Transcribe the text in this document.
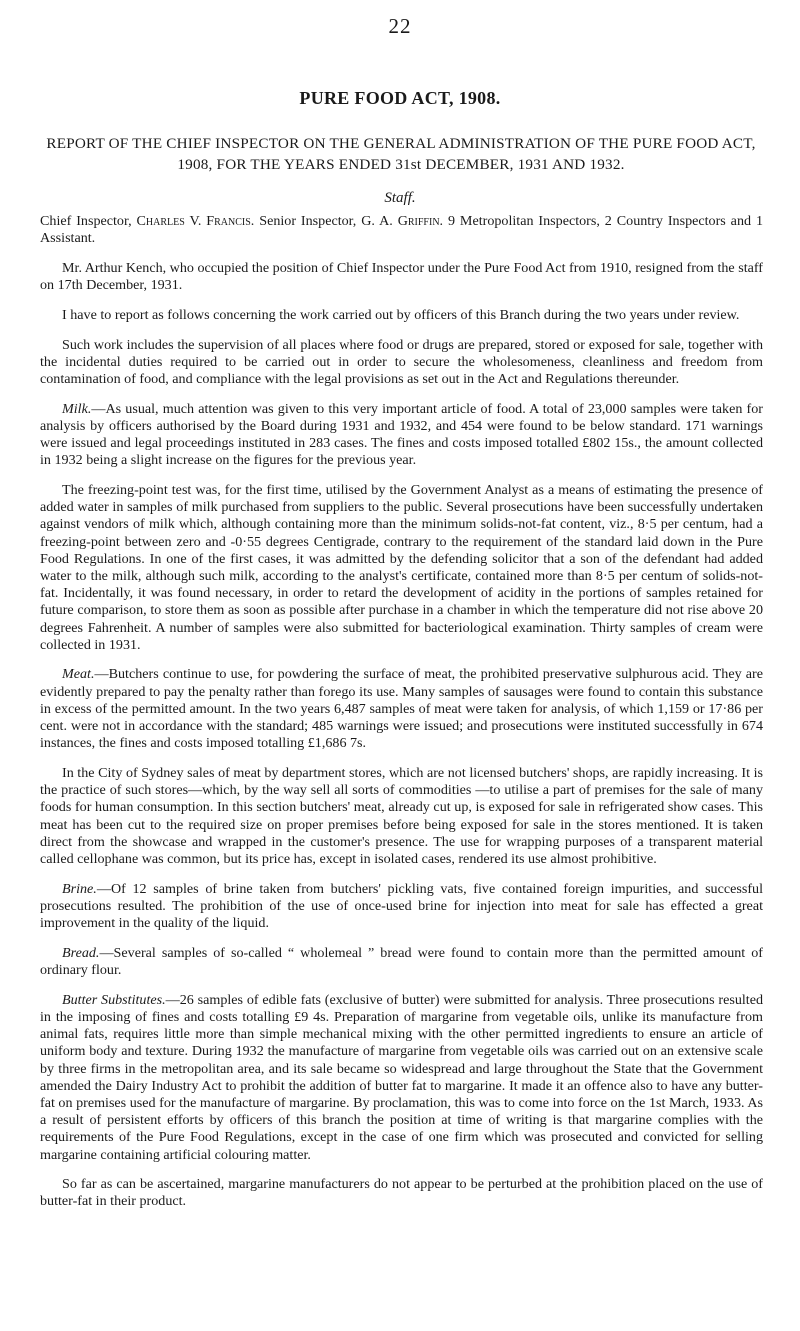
22
PURE FOOD ACT, 1908.
REPORT OF THE CHIEF INSPECTOR ON THE GENERAL ADMINISTRATION OF THE PURE FOOD ACT, 1908, FOR THE YEARS ENDED 31st DECEMBER, 1931 AND 1932.
Staff.

Chief Inspector, Charles V. Francis. Senior Inspector, G. A. Griffin. 9 Metropolitan Inspectors, 2 Country Inspectors and 1 Assistant.

Mr. Arthur Kench, who occupied the position of Chief Inspector under the Pure Food Act from 1910, resigned from the staff on 17th December, 1931.

I have to report as follows concerning the work carried out by officers of this Branch during the two years under review.

Such work includes the supervision of all places where food or drugs are prepared, stored or exposed for sale, together with the incidental duties required to be carried out in order to secure the wholesomeness, cleanliness and freedom from contamination of food, and compliance with the legal provisions as set out in the Act and Regulations thereunder.

Milk.—As usual, much attention was given to this very important article of food. A total of 23,000 samples were taken for analysis by officers authorised by the Board during 1931 and 1932, and 454 were found to be below standard. 171 warnings were issued and legal proceedings instituted in 283 cases. The fines and costs imposed totalled £802 15s., the amount collected in 1932 being a slight increase on the figures for the previous year.

The freezing-point test was, for the first time, utilised by the Government Analyst as a means of estimating the presence of added water in samples of milk purchased from suppliers to the public. Several prosecutions have been successfully undertaken against vendors of milk which, although containing more than the minimum solids-not-fat content, viz., 8·5 per centum, had a freezing-point between zero and -0·55 degrees Centigrade, contrary to the requirement of the standard laid down in the Pure Food Regulations. In one of the first cases, it was admitted by the defending solicitor that a son of the defendant had added water to the milk, although such milk, according to the analyst's certificate, contained more than 8·5 per centum of solids-not-fat. Incidentally, it was found necessary, in order to retard the development of acidity in the portions of samples retained for future comparison, to store them as soon as possible after purchase in a chamber in which the temperature did not rise above 20 degrees Fahrenheit. A number of samples were also submitted for bacteriological examination. Thirty samples of cream were collected in 1931.

Meat.—Butchers continue to use, for powdering the surface of meat, the prohibited preservative sulphurous acid. They are evidently prepared to pay the penalty rather than forego its use. Many samples of sausages were found to contain this substance in excess of the permitted amount. In the two years 6,487 samples of meat were taken for analysis, of which 1,159 or 17·86 per cent. were not in accordance with the standard; 485 warnings were issued; and prosecutions were instituted successfully in 674 instances, the fines and costs imposed totalling £1,686 7s.

In the City of Sydney sales of meat by department stores, which are not licensed butchers' shops, are rapidly increasing. It is the practice of such stores—which, by the way sell all sorts of commodities —to utilise a part of premises for the sale of many foods for human consumption. In this section butchers' meat, already cut up, is exposed for sale in refrigerated show cases. This meat has been cut to the required size on proper premises before being exposed for sale in the stores mentioned. It is taken direct from the showcase and wrapped in the customer's presence. The use for wrapping purposes of a transparent material called cellophane was common, but its price has, except in isolated cases, rendered its use almost prohibitive.

Brine.—Of 12 samples of brine taken from butchers' pickling vats, five contained foreign impurities, and successful prosecutions resulted. The prohibition of the use of once-used brine for injection into meat for sale has effected a great improvement in the quality of the liquid.

Bread.—Several samples of so-called “ wholemeal ” bread were found to contain more than the permitted amount of ordinary flour.

Butter Substitutes.—26 samples of edible fats (exclusive of butter) were submitted for analysis. Three prosecutions resulted in the imposing of fines and costs totalling £9 4s. Preparation of margarine from vegetable oils, unlike its manufacture from animal fats, requires little more than simple mechanical mixing with the other permitted ingredients to ensure an article of uniform body and texture. During 1932 the manufacture of margarine from vegetable oils was carried out on an extensive scale by three firms in the metropolitan area, and its sale became so widespread and large throughout the State that the Government amended the Dairy Industry Act to prohibit the addition of butter fat to margarine. It made it an offence also to have any butter-fat on premises used for the manufacture of margarine. By proclamation, this was to come into force on the 1st March, 1933. As a result of persistent efforts by officers of this branch the position at time of writing is that margarine complies with the requirements of the Pure Food Regulations, except in the case of one firm which was prosecuted and convicted for selling margarine containing artificial colouring matter.

So far as can be ascertained, margarine manufacturers do not appear to be perturbed at the prohibition placed on the use of butter-fat in their product.
